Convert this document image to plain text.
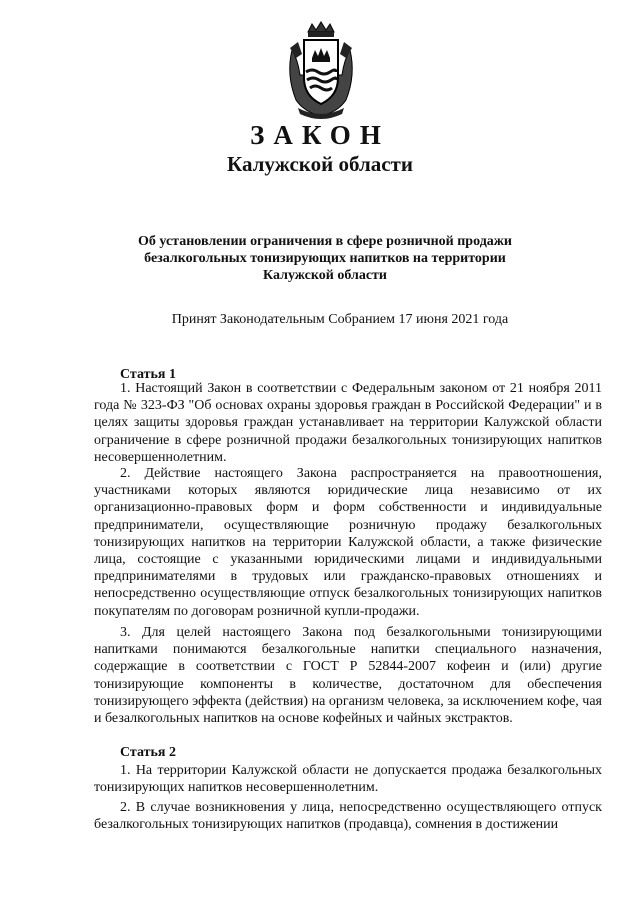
ЗАКОН
Калужской области
Об установлении ограничения в сфере розничной продажи безалкогольных тонизирующих напитков на территории Калужской области
Принят Законодательным Собранием 17 июня 2021 года
Статья 1

1. Настоящий Закон в соответствии с Федеральным законом от 21 ноября 2011 года № 323-ФЗ "Об основах охраны здоровья граждан в Российской Федерации" и в целях защиты здоровья граждан устанавливает на территории Калужской области ограничение в сфере розничной продажи безалкогольных тонизирующих напитков несовершеннолетним.

2. Действие настоящего Закона распространяется на правоотношения, участниками которых являются юридические лица независимо от их организационно-правовых форм и форм собственности и индивидуальные предприниматели, осуществляющие розничную продажу безалкогольных тонизирующих напитков на территории Калужской области, а также физические лица, состоящие с указанными юридическими лицами и индивидуальными предпринимателями в трудовых или гражданско-правовых отношениях и непосредственно осуществляющие отпуск безалкогольных тонизирующих напитков покупателям по договорам розничной купли-продажи.

3. Для целей настоящего Закона под безалкогольными тонизирующими напитками понимаются безалкогольные напитки специального назначения, содержащие в соответствии с ГОСТ Р 52844-2007 кофеин и (или) другие тонизирующие компоненты в количестве, достаточном для обеспечения тонизирующего эффекта (действия) на организм человека, за исключением кофе, чая и безалкогольных напитков на основе кофейных и чайных экстрактов.

Статья 2

1. На территории Калужской области не допускается продажа безалкогольных тонизирующих напитков несовершеннолетним.

2. В случае возникновения у лица, непосредственно осуществляющего отпуск безалкогольных тонизирующих напитков (продавца), сомнения в достижении
